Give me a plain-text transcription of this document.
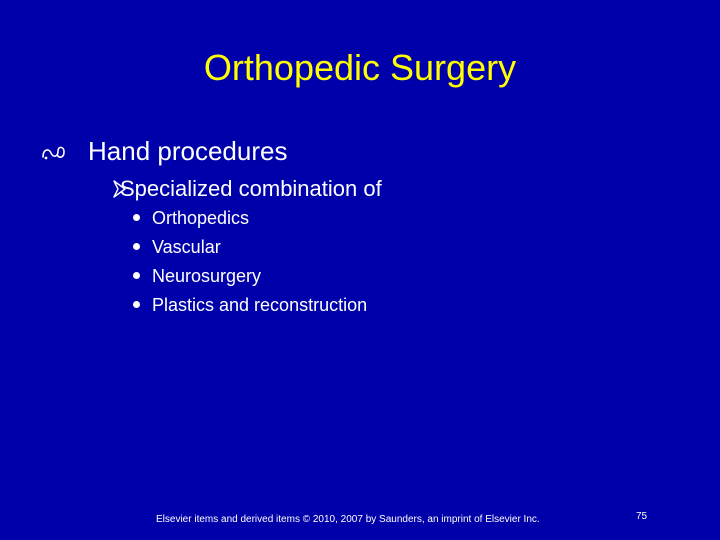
Orthopedic Surgery
Hand procedures
Specialized combination of
Orthopedics
Vascular
Neurosurgery
Plastics and reconstruction
Elsevier items and derived items © 2010, 2007 by Saunders, an imprint of Elsevier Inc.	75
